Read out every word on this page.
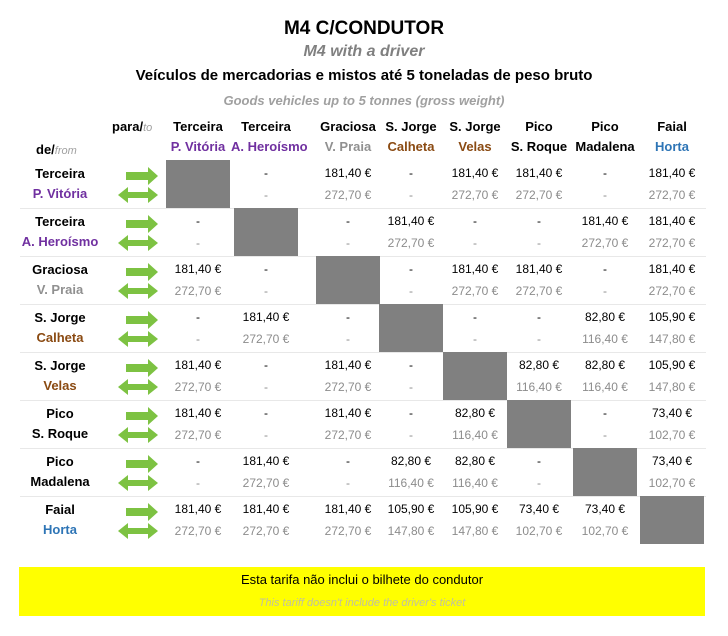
M4 C/CONDUTOR
M4 with a driver
Veículos de mercadorias e mistos até 5 toneladas de peso bruto
Goods vehicles up to 5 tonnes (gross weight)
para/to
de/from
Terceira
P. Vitória
Terceira
A. Heroísmo
Graciosa
V. Praia
S. Jorge
Calheta
S. Jorge
Velas
Pico
S. Roque
Pico
Madalena
Faial
Horta
Terceira
P. Vitória
-
-
181,40 €
272,70 €
-
-
181,40 €
272,70 €
181,40 €
272,70 €
-
-
181,40 €
272,70 €
Terceira
A. Heroísmo
-
-
-
-
181,40 €
272,70 €
-
-
-
-
181,40 €
272,70 €
181,40 €
272,70 €
Graciosa
V. Praia
181,40 €
272,70 €
-
-
-
-
181,40 €
272,70 €
181,40 €
272,70 €
-
-
181,40 €
272,70 €
S. Jorge
Calheta
-
-
181,40 €
272,70 €
-
-
-
-
-
-
82,80 €
116,40 €
105,90 €
147,80 €
S. Jorge
Velas
181,40 €
272,70 €
-
-
181,40 €
272,70 €
-
-
82,80 €
116,40 €
82,80 €
116,40 €
105,90 €
147,80 €
Pico
S. Roque
181,40 €
272,70 €
-
-
181,40 €
272,70 €
-
-
82,80 €
116,40 €
-
-
73,40 €
102,70 €
Pico
Madalena
-
-
181,40 €
272,70 €
-
-
82,80 €
116,40 €
82,80 €
116,40 €
-
-
73,40 €
102,70 €
Faial
Horta
181,40 €
272,70 €
181,40 €
272,70 €
181,40 €
272,70 €
105,90 €
147,80 €
105,90 €
147,80 €
73,40 €
102,70 €
73,40 €
102,70 €
Esta tarifa não inclui o bilhete do condutor
This tariff doesn't include the driver's ticket
